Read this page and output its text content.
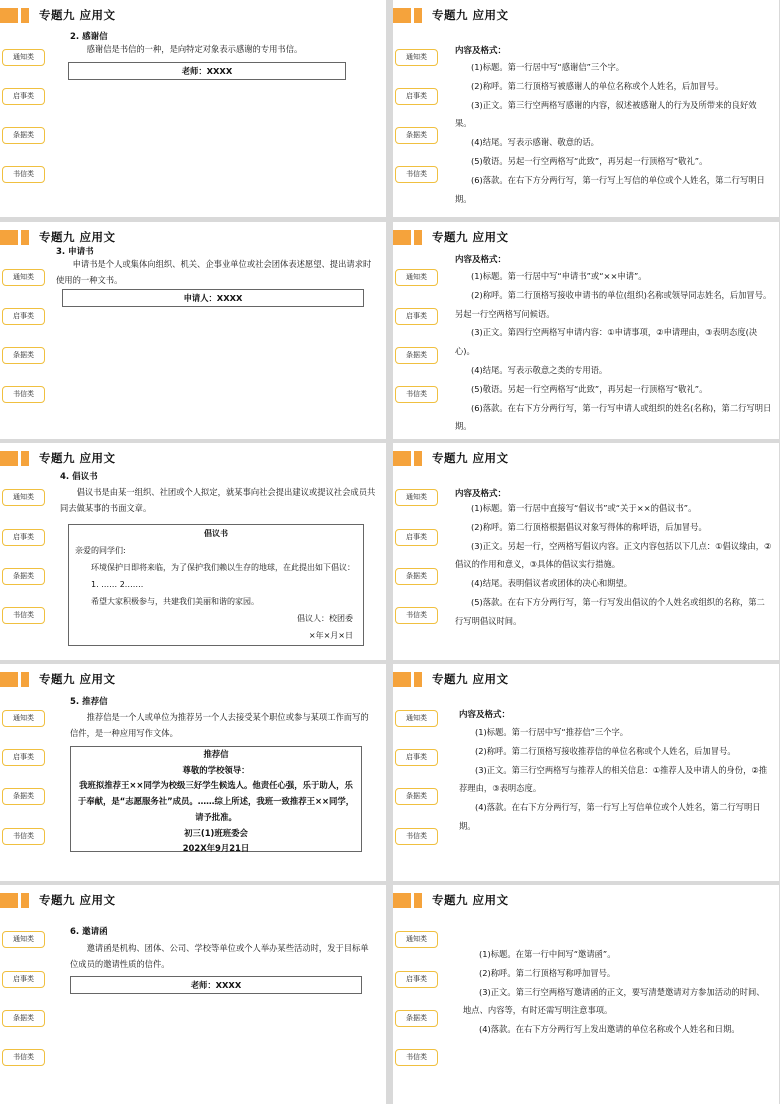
专题九 应用文
通知类
启事类
条据类
书信类
2. 感谢信
感谢信是书信的一种，是向特定对象表示感谢的专用书信。
老师：XXXX
专题九 应用文
通知类
启事类
条据类
书信类
内容及格式：
(1)标题。第一行居中写“感谢信”三个字。
(2)称呼。第二行顶格写被感谢人的单位名称或个人姓名，后加冒号。
(3)正文。第三行空两格写感谢的内容，叙述被感谢人的行为及所带来的良好效果。
(4)结尾。写表示感谢、敬意的话。
(5)敬语。另起一行空两格写“此致”，再另起一行顶格写“敬礼”。
(6)落款。在右下方分两行写，第一行写上写信的单位或个人姓名，第二行写明日期。
专题九 应用文
通知类
启事类
条据类
书信类
3. 申请书
申请书是个人或集体向组织、机关、企事业单位或社会团体表述愿望、提出请求时使用的一种文书。
申请人：XXXX
专题九 应用文
通知类
启事类
条据类
书信类
内容及格式：
(1)标题。第一行居中写“申请书”或“××申请”。
(2)称呼。第二行顶格写接收申请书的单位(组织)名称或领导同志姓名，后加冒号。另起一行空两格写问候语。
(3)正文。第四行空两格写申请内容：①申请事项，②申请理由，③表明态度(决心)。
(4)结尾。写表示敬意之类的专用语。
(5)敬语。另起一行空两格写“此致”，再另起一行顶格写“敬礼”。
(6)落款。在右下方分两行写，第一行写申请人或组织的姓名(名称)，第二行写明日期。
专题九 应用文
通知类
启事类
条据类
书信类
4. 倡议书
倡议书是由某一组织、社团或个人拟定，就某事向社会提出建议或提议社会成员共同去做某事的书面文章。
倡议书
亲爱的同学们:
环境保护日即将来临，为了保护我们赖以生存的地球，在此提出如下倡议：
1. …… 2.……
希望大家积极参与，共建我们美丽和谐的家园。
倡议人：校团委
×年×月×日
专题九 应用文
通知类
启事类
条据类
书信类
内容及格式：
(1)标题。第一行居中直接写“倡议书”或“关于××的倡议书”。
(2)称呼。第二行顶格根据倡议对象写得体的称呼语，后加冒号。
(3)正文。另起一行，空两格写倡议内容。正文内容包括以下几点：①倡议缘由，②倡议的作用和意义，③具体的倡议实行措施。
(4)结尾。表明倡议者或团体的决心和期望。
(5)落款。在右下方分两行写，第一行写发出倡议的个人姓名或组织的名称，第二行写明倡议时间。
专题九 应用文
通知类
启事类
条据类
书信类
5. 推荐信
推荐信是一个人或单位为推荐另一个人去接受某个职位或参与某项工作而写的信件，是一种应用写作文体。
推荐信
尊敬的学校领导：
我班拟推荐王××同学为校级三好学生候选人。他责任心强，乐于助人，乐于奉献，是“志愿服务社”成员。……综上所述，我班一致推荐王××同学，请予批准。
初三(1)班班委会
202X年9月21日
专题九 应用文
通知类
启事类
条据类
书信类
内容及格式：
(1)标题。第一行居中写“推荐信”三个字。
(2)称呼。第二行顶格写接收推荐信的单位名称或个人姓名，后加冒号。
(3)正文。第三行空两格写与推荐人的相关信息：①推荐人及申请人的身份，②推荐理由，③表明态度。
(4)落款。在右下方分两行写，第一行写上写信单位或个人姓名，第二行写明日期。
专题九 应用文
通知类
启事类
条据类
书信类
6. 邀请函
邀请函是机构、团体、公司、学校等单位或个人举办某些活动时，发于目标单位成员的邀请性质的信件。
老师：XXXX
专题九 应用文
通知类
启事类
条据类
书信类
(1)标题。在第一行中间写“邀请函”。
(2)称呼。第二行顶格写称呼加冒号。
(3)正文。第三行空两格写邀请函的正文，要写清楚邀请对方参加活动的时间、地点、内容等，有时还需写明注意事项。
(4)落款。在右下方分两行写上发出邀请的单位名称或个人姓名和日期。
